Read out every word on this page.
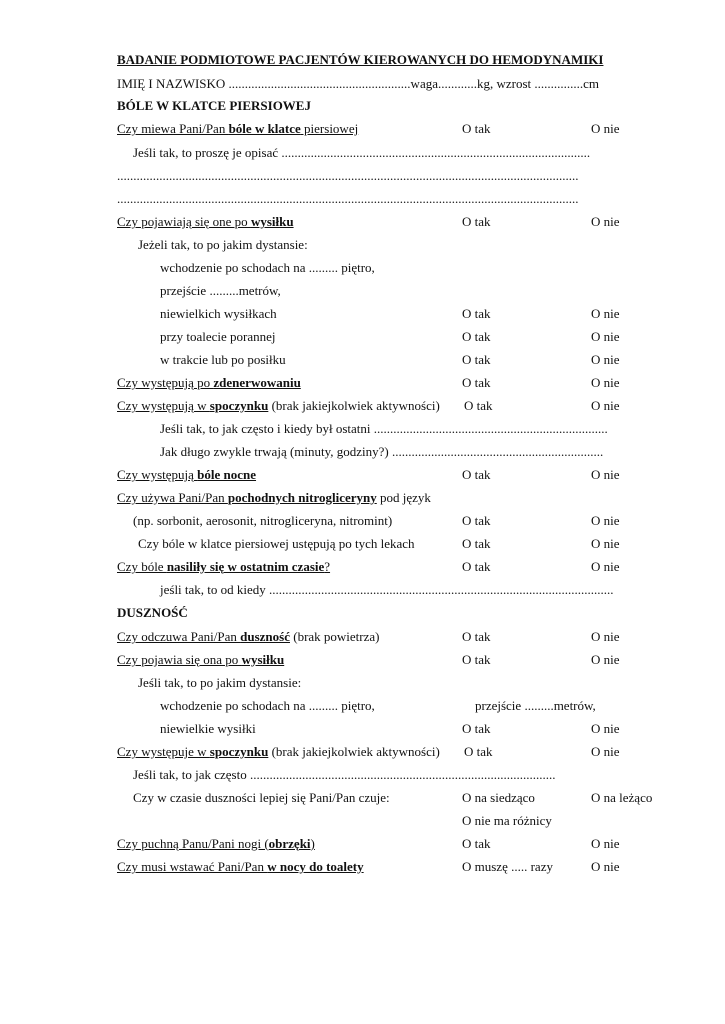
BADANIE PODMIOTOWE PACJENTÓW KIEROWANYCH DO HEMODYNAMIKI
IMIĘ I NAZWISKO ........................................................waga............kg, wzrost ...............cm
BÓLE W KLATCE PIERSIOWEJ
Czy miewa Pani/Pan bóle w klatce piersiowej	O tak	O nie
Jeśli tak, to proszę je opisać ...............................................................................................
..............................................................................................................................................
..............................................................................................................................................
Czy pojawiają się one po wysiłku	O tak	O nie
Jeżeli tak, to po jakim dystansie:
wchodzenie po schodach na ......... piętro,
przejście .........metrów,
niewielkich wysiłkach	O tak	O nie
przy toalecie porannej	O tak	O nie
w trakcie lub po posiłku	O tak	O nie
Czy występują po zdenerwowaniu	O tak	O nie
Czy występują w spoczynku (brak jakiejkolwiek aktywności) O tak	O nie
Jeśli tak, to jak często i kiedy był ostatni ........................................................................
Jak długo zwykle trwają (minuty, godziny?) .................................................................
Czy występują bóle nocne	O tak	O nie
Czy używa Pani/Pan pochodnych nitrogliceryny pod język
(np. sorbonit, aerosonit, nitrogliceryna, nitromint)	O tak	O nie
Czy bóle w klatce piersiowej ustępują po tych lekach	O tak	O nie
Czy bóle nasiliły się w ostatnim czasie?	O tak	O nie
jeśli tak, to od kiedy ..........................................................................................................
DUSZNOŚĆ
Czy odczuwa Pani/Pan duszność (brak powietrza)	O tak	O nie
Czy pojawia się ona po wysiłku	O tak	O nie
Jeśli tak, to po jakim dystansie:
wchodzenie po schodach na ......... piętro,	przejście .........metrów,
niewielkie wysiłki	O tak	O nie
Czy występuje w spoczynku (brak jakiejkolwiek aktywności) O tak	O nie
Jeśli tak, to jak często ..............................................................................................
Czy w czasie duszności lepiej się Pani/Pan czuje:	O na siedząco	O na leżąco
O nie ma różnicy
Czy puchną Panu/Pani nogi (obrzęki)	O tak	O nie
Czy musi wstawać Pani/Pan w nocy do toalety	O muszę ..... razy	O nie
